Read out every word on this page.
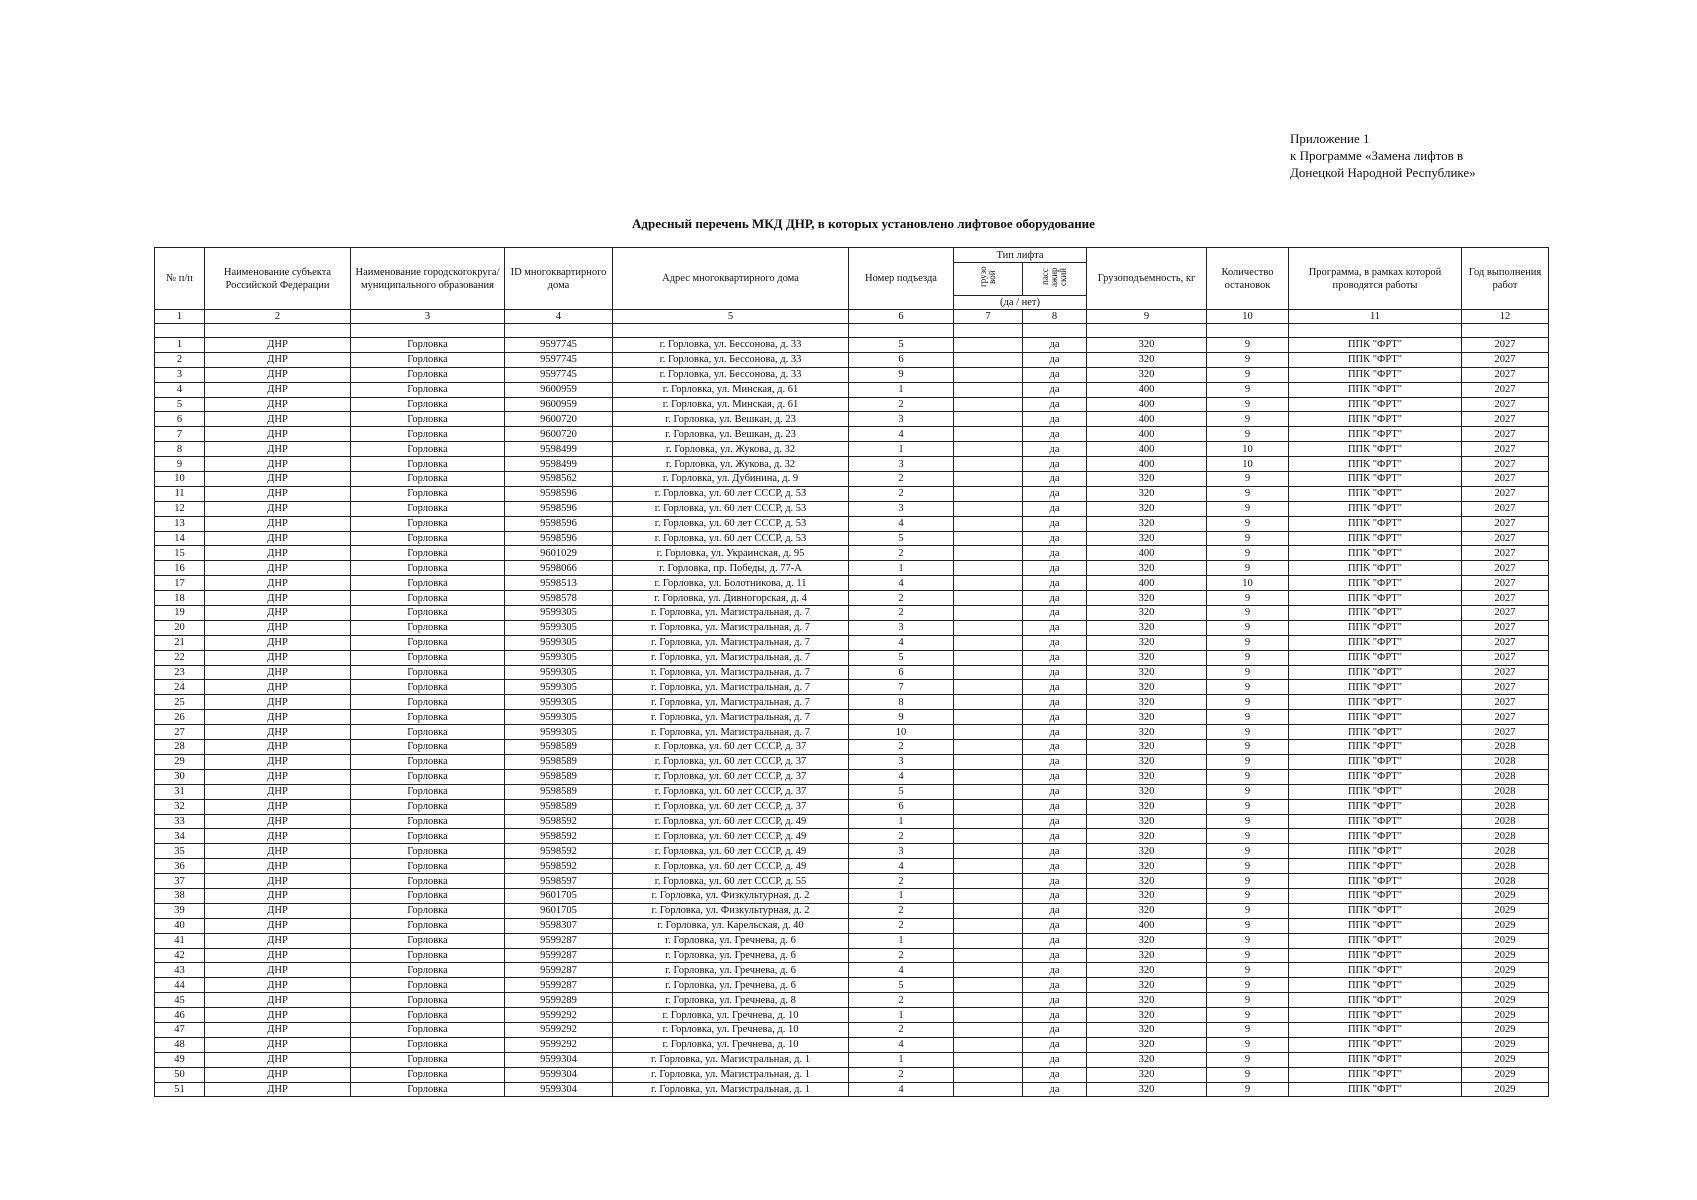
Приложение 1
к Программе «Замена лифтов в
Донецкой Народной Республике»
Адресный перечень МКД ДНР, в которых установлено лифтовое оборудование
№ п/п	Наименование субъекта Российской Федерации	Наименование городскогокруга/муниципального образования	ID многоквартирного дома	Адрес многоквартирного дома	Номер подъезда	Тип лифта		Грузоподъемность, кг	Количество остановок	Программа, в рамках которой проводятся работы	Год выполнения работ
						грузо вой	пасс ажир ский				
						(да / нет)					
1	2	3	4	5	6	7	8	9	10	11	12

1	ДНР	Горловка	9597745	г. Горловка, ул. Бессонова, д. 33	5		да	320	9	ППК "ФРТ"	2027
2	ДНР	Горловка	9597745	г. Горловка, ул. Бессонова, д. 33	6		да	320	9	ППК "ФРТ"	2027
3	ДНР	Горловка	9597745	г. Горловка, ул. Бессонова, д. 33	9		да	320	9	ППК "ФРТ"	2027
4	ДНР	Горловка	9600959	г. Горловка, ул. Минская, д. 61	1		да	400	9	ППК "ФРТ"	2027
5	ДНР	Горловка	9600959	г. Горловка, ул. Минская, д. 61	2		да	400	9	ППК "ФРТ"	2027
6	ДНР	Горловка	9600720	г. Горловка, ул. Вешкан, д. 23	3		да	400	9	ППК "ФРТ"	2027
7	ДНР	Горловка	9600720	г. Горловка, ул. Вешкан, д. 23	4		да	400	9	ППК "ФРТ"	2027
8	ДНР	Горловка	9598499	г. Горловка, ул. Жукова, д. 32	1		да	400	10	ППК "ФРТ"	2027
9	ДНР	Горловка	9598499	г. Горловка, ул. Жукова, д. 32	3		да	400	10	ППК "ФРТ"	2027
10	ДНР	Горловка	9598562	г. Горловка, ул. Дубинина, д. 9	2		да	320	9	ППК "ФРТ"	2027
11	ДНР	Горловка	9598596	г. Горловка, ул. 60 лет СССР, д. 53	2		да	320	9	ППК "ФРТ"	2027
12	ДНР	Горловка	9598596	г. Горловка, ул. 60 лет СССР, д. 53	3		да	320	9	ППК "ФРТ"	2027
13	ДНР	Горловка	9598596	г. Горловка, ул. 60 лет СССР, д. 53	4		да	320	9	ППК "ФРТ"	2027
14	ДНР	Горловка	9598596	г. Горловка, ул. 60 лет СССР, д. 53	5		да	320	9	ППК "ФРТ"	2027
15	ДНР	Горловка	9601029	г. Горловка, ул. Украинская, д. 95	2		да	400	9	ППК "ФРТ"	2027
16	ДНР	Горловка	9598066	г. Горловка, пр. Победы, д. 77-А	1		да	320	9	ППК "ФРТ"	2027
17	ДНР	Горловка	9598513	г. Горловка, ул. Болотникова, д. 11	4		да	400	10	ППК "ФРТ"	2027
18	ДНР	Горловка	9598578	г. Горловка, ул. Дивногорская, д. 4	2		да	320	9	ППК "ФРТ"	2027
19	ДНР	Горловка	9599305	г. Горловка, ул. Магистральная, д. 7	2		да	320	9	ППК "ФРТ"	2027
20	ДНР	Горловка	9599305	г. Горловка, ул. Магистральная, д. 7	3		да	320	9	ППК "ФРТ"	2027
21	ДНР	Горловка	9599305	г. Горловка, ул. Магистральная, д. 7	4		да	320	9	ППК "ФРТ"	2027
22	ДНР	Горловка	9599305	г. Горловка, ул. Магистральная, д. 7	5		да	320	9	ППК "ФРТ"	2027
23	ДНР	Горловка	9599305	г. Горловка, ул. Магистральная, д. 7	6		да	320	9	ППК "ФРТ"	2027
24	ДНР	Горловка	9599305	г. Горловка, ул. Магистральная, д. 7	7		да	320	9	ППК "ФРТ"	2027
25	ДНР	Горловка	9599305	г. Горловка, ул. Магистральная, д. 7	8		да	320	9	ППК "ФРТ"	2027
26	ДНР	Горловка	9599305	г. Горловка, ул. Магистральная, д. 7	9		да	320	9	ППК "ФРТ"	2027
27	ДНР	Горловка	9599305	г. Горловка, ул. Магистральная, д. 7	10		да	320	9	ППК "ФРТ"	2027
28	ДНР	Горловка	9598589	г. Горловка, ул. 60 лет СССР, д. 37	2		да	320	9	ППК "ФРТ"	2028
29	ДНР	Горловка	9598589	г. Горловка, ул. 60 лет СССР, д. 37	3		да	320	9	ППК "ФРТ"	2028
30	ДНР	Горловка	9598589	г. Горловка, ул. 60 лет СССР, д. 37	4		да	320	9	ППК "ФРТ"	2028
31	ДНР	Горловка	9598589	г. Горловка, ул. 60 лет СССР, д. 37	5		да	320	9	ППК "ФРТ"	2028
32	ДНР	Горловка	9598589	г. Горловка, ул. 60 лет СССР, д. 37	6		да	320	9	ППК "ФРТ"	2028
33	ДНР	Горловка	9598592	г. Горловка, ул. 60 лет СССР, д. 49	1		да	320	9	ППК "ФРТ"	2028
34	ДНР	Горловка	9598592	г. Горловка, ул. 60 лет СССР, д. 49	2		да	320	9	ППК "ФРТ"	2028
35	ДНР	Горловка	9598592	г. Горловка, ул. 60 лет СССР, д. 49	3		да	320	9	ППК "ФРТ"	2028
36	ДНР	Горловка	9598592	г. Горловка, ул. 60 лет СССР, д. 49	4		да	320	9	ППК "ФРТ"	2028
37	ДНР	Горловка	9598597	г. Горловка, ул. 60 лет СССР, д. 55	2		да	320	9	ППК "ФРТ"	2028
38	ДНР	Горловка	9601705	г. Горловка, ул. Физкультурная, д. 2	1		да	320	9	ППК "ФРТ"	2029
39	ДНР	Горловка	9601705	г. Горловка, ул. Физкультурная, д. 2	2		да	320	9	ППК "ФРТ"	2029
40	ДНР	Горловка	9598307	г. Горловка, ул. Карельская, д. 40	2		да	400	9	ППК "ФРТ"	2029
41	ДНР	Горловка	9599287	г. Горловка, ул. Гречнева, д. 6	1		да	320	9	ППК "ФРТ"	2029
42	ДНР	Горловка	9599287	г. Горловка, ул. Гречнева, д. 6	2		да	320	9	ППК "ФРТ"	2029
43	ДНР	Горловка	9599287	г. Горловка, ул. Гречнева, д. 6	4		да	320	9	ППК "ФРТ"	2029
44	ДНР	Горловка	9599287	г. Горловка, ул. Гречнева, д. 6	5		да	320	9	ППК "ФРТ"	2029
45	ДНР	Горловка	9599289	г. Горловка, ул. Гречнева, д. 8	2		да	320	9	ППК "ФРТ"	2029
46	ДНР	Горловка	9599292	г. Горловка, ул. Гречнева, д. 10	1		да	320	9	ППК "ФРТ"	2029
47	ДНР	Горловка	9599292	г. Горловка, ул. Гречнева, д. 10	2		да	320	9	ППК "ФРТ"	2029
48	ДНР	Горловка	9599292	г. Горловка, ул. Гречнева, д. 10	4		да	320	9	ППК "ФРТ"	2029
49	ДНР	Горловка	9599304	г. Горловка, ул. Магистральная, д. 1	1		да	320	9	ППК "ФРТ"	2029
50	ДНР	Горловка	9599304	г. Горловка, ул. Магистральная, д. 1	2		да	320	9	ППК "ФРТ"	2029
51	ДНР	Горловка	9599304	г. Горловка, ул. Магистральная, д. 1	4		да	320	9	ППК "ФРТ"	2029
